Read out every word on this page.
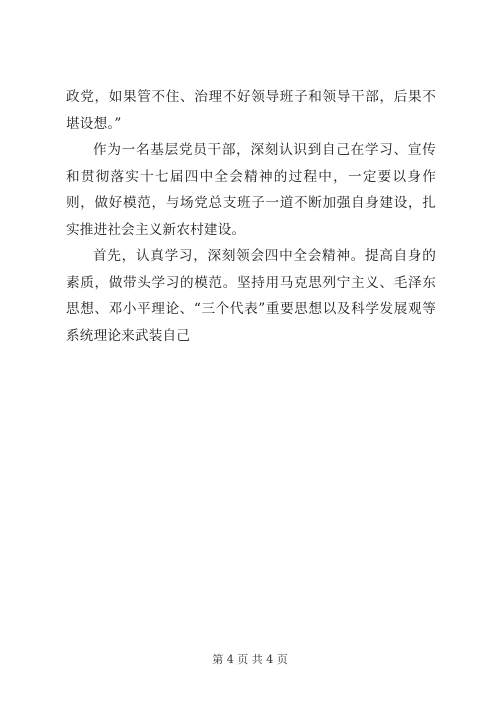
政党，如果管不住、治理不好领导班子和领导干部，后果不堪设想。”

作为一名基层党员干部，深刻认识到自己在学习、宣传和贯彻落实十七届四中全会精神的过程中，一定要以身作则，做好模范，与场党总支班子一道不断加强自身建设，扎实推进社会主义新农村建设。

首先，认真学习，深刻领会四中全会精神。提高自身的素质，做带头学习的模范。坚持用马克思列宁主义、毛泽东思想、邓小平理论、“三个代表”重要思想以及科学发展观等系统理论来武装自己

第 4 页 共 4 页
